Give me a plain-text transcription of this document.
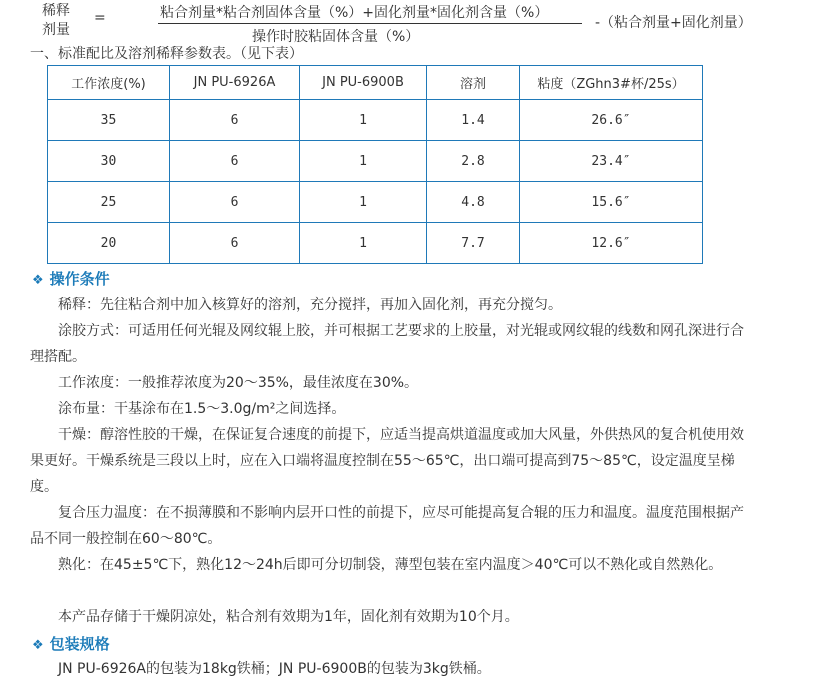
稀释
剂量
=	粘合剂量*粘合剂固体含量（%）+固化剂量*固化剂含量（%）
操作时胶粘固体含量（%）
-（粘合剂量+固化剂量）
一、标准配比及溶剂稀释参数表。（见下表）
工作浓度(%)	JN PU-6926A	JN PU-6900B	溶剂	粘度（ZGhn3#杯/25s）
35	6	1	1.4	26.6″
30	6	1	2.8	23.4″
25	6	1	4.8	15.6″
20	6	1	7.7	12.6″
❖ 操作条件
稀释：先往粘合剂中加入核算好的溶剂，充分搅拌，再加入固化剂，再充分搅匀。
涂胶方式：可适用任何光辊及网纹辊上胶，并可根据工艺要求的上胶量，对光辊或网纹辊的线数和网孔深进行合理搭配。
工作浓度：一般推荐浓度为20～35%，最佳浓度在30%。
涂布量：干基涂布在1.5～3.0g/m²之间选择。
干燥：醇溶性胶的干燥，在保证复合速度的前提下，应适当提高烘道温度或加大风量，外供热风的复合机使用效果更好。干燥系统是三段以上时，应在入口端将温度控制在55～65℃，出口端可提高到75～85℃，设定温度呈梯度。
复合压力温度：在不损薄膜和不影响内层开口性的前提下，应尽可能提高复合辊的压力和温度。温度范围根据产品不同一般控制在60～80℃。
熟化：在45±5℃下，熟化12～24h后即可分切制袋，薄型包装在室内温度＞40℃可以不熟化或自然熟化。
本产品存储于干燥阴凉处，粘合剂有效期为1年，固化剂有效期为10个月。
❖ 包装规格
JN PU-6926A的包装为18kg铁桶；JN PU-6900B的包装为3kg铁桶。
